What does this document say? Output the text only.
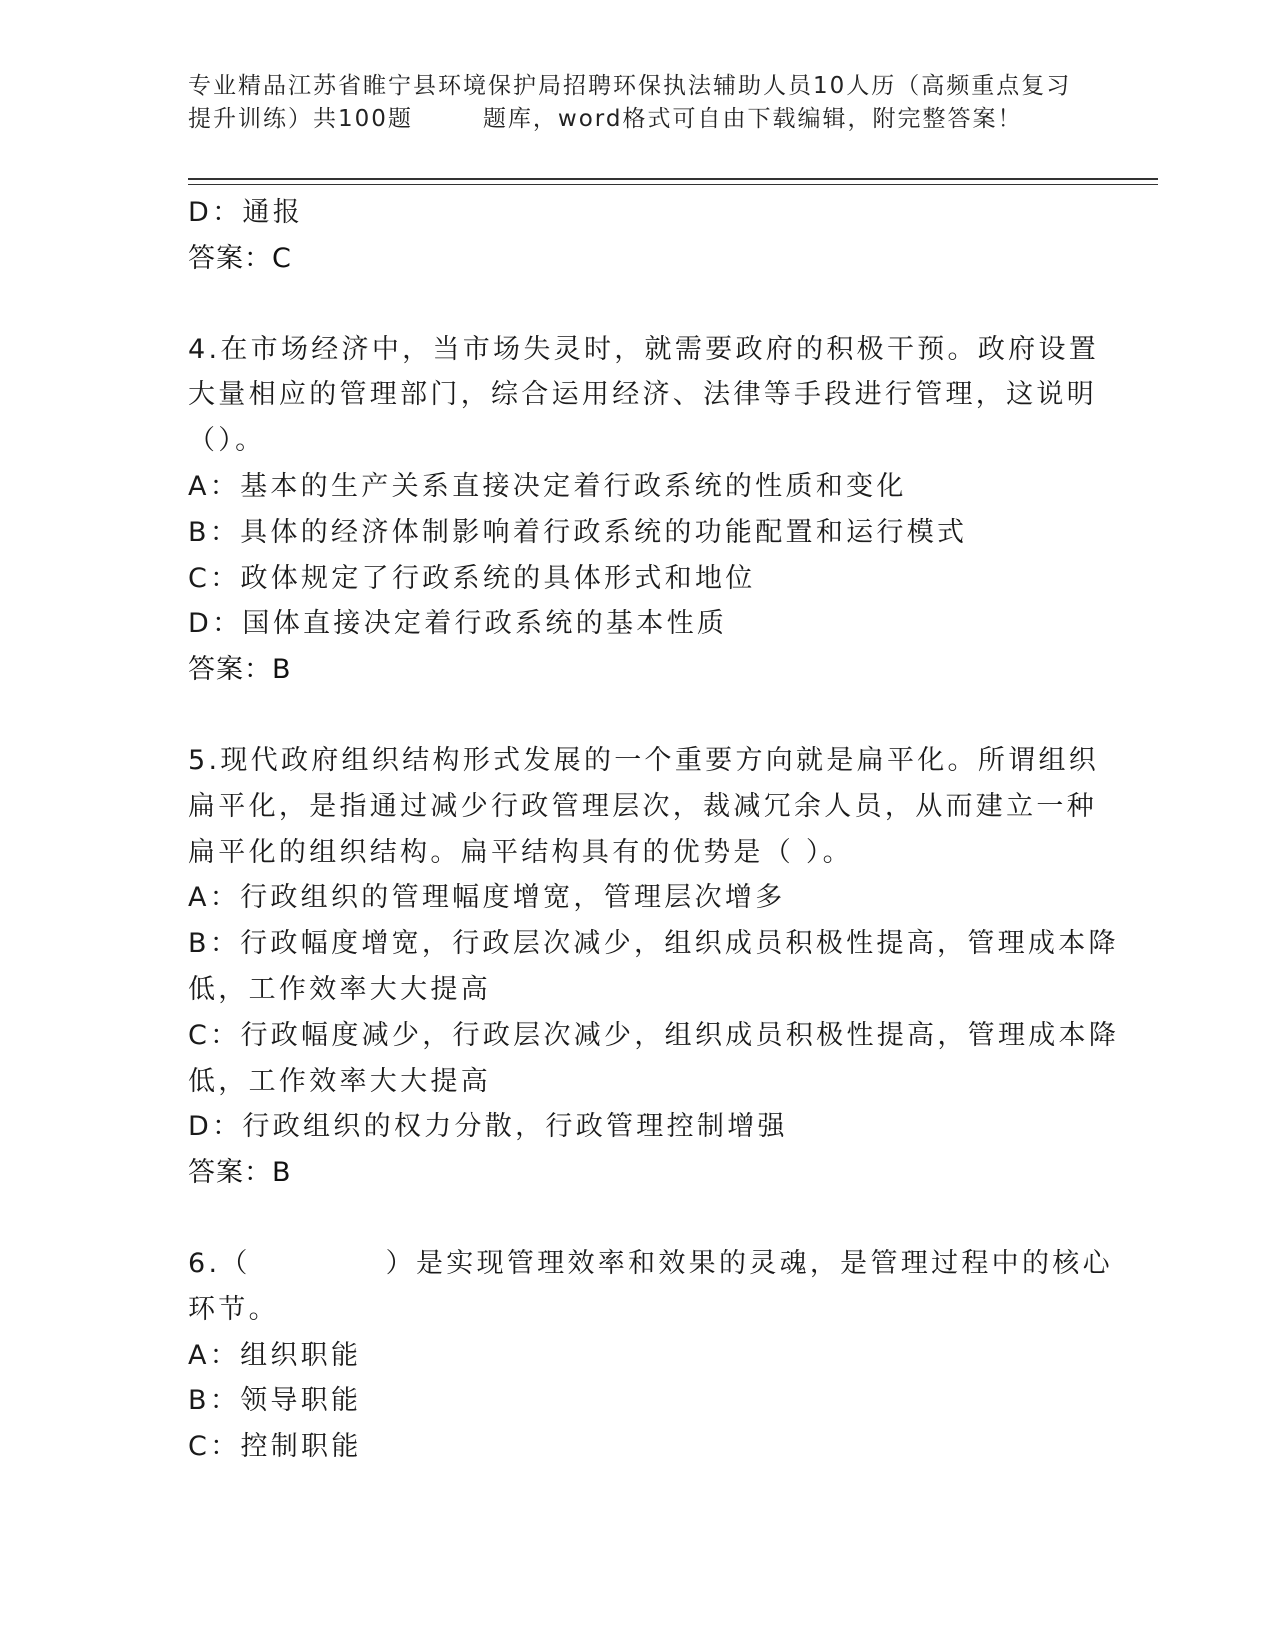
专业精品江苏省睢宁县环境保护局招聘环保执法辅助人员10人历（高频重点复习
提升训练）共100题	题库，word格式可自由下载编辑，附完整答案！
D：通报
答案：C
4.在市场经济中，当市场失灵时，就需要政府的积极干预。政府设置
大量相应的管理部门，综合运用经济、法律等手段进行管理，这说明
（）。
A：基本的生产关系直接决定着行政系统的性质和变化
B：具体的经济体制影响着行政系统的功能配置和运行模式
C：政体规定了行政系统的具体形式和地位
D：国体直接决定着行政系统的基本性质
答案：B
5.现代政府组织结构形式发展的一个重要方向就是扁平化。所谓组织
扁平化，是指通过减少行政管理层次，裁减冗余人员，从而建立一种
扁平化的组织结构。扁平结构具有的优势是（ ）。
A：行政组织的管理幅度增宽，管理层次增多
B：行政幅度增宽，行政层次减少，组织成员积极性提高，管理成本降
低，工作效率大大提高
C：行政幅度减少，行政层次减少，组织成员积极性提高，管理成本降
低，工作效率大大提高
D：行政组织的权力分散，行政管理控制增强
答案：B
6.（	）是实现管理效率和效果的灵魂，是管理过程中的核心
环节。
A：组织职能
B：领导职能
C：控制职能
